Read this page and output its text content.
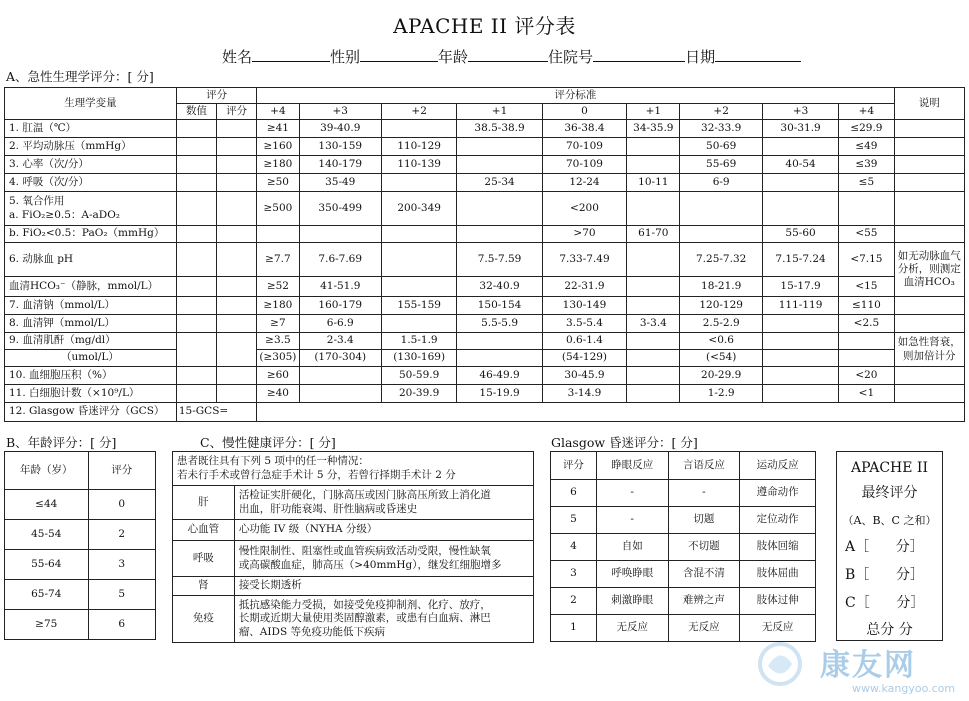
APACHE II 评分表
姓名	性别	年龄	住院号	日期
A、急性生理学评分：[ 分]
生理学变量	评分		评分标准									说明
	数值	评分	+4	+3	+2	+1	0	+1	+2	+3	+4	
1. 肛温（℃）			≥41	39-40.9		38.5-38.9	36-38.4	34-35.9	32-33.9	30-31.9	≤29.9	
2. 平均动脉压（mmHg）			≥160	130-159	110-129		70-109		50-69		≤49	
3. 心率（次/分）			≥180	140-179	110-139		70-109		55-69	40-54	≤39	
4. 呼吸（次/分）			≥50	35-49		25-34	12-24	10-11	6-9		≤5	

5. 氧合作用
a. FiO₂≥0.5：A-aDO₂			≥500	350-499	200-349		<200					
b. FiO₂<0.5：PaO₂（mmHg）							>70	61-70		55-60	<55	
6. 动脉血 pH			≥7.7	7.6-7.69		7.5-7.59	7.33-7.49		7.25-7.32	7.15-7.24	<7.15	如无动脉血气分析，则测定血清HCO₃
血清HCO₃⁻（静脉，mmol/L）			≥52	41-51.9		32-40.9	22-31.9		18-21.9	15-17.9	<15	
7. 血清钠（mmol/L）			≥180	160-179	155-159	150-154	130-149		120-129	111-119	≤110	
8. 血清钾（mmol/L）			≥7	6-6.9		5.5-5.9	3.5-5.4	3-3.4	2.5-2.9		<2.5	
9. 血清肌酐（mg/dl）			≥3.5	2-3.4	1.5-1.9		0.6-1.4		<0.6			如急性肾衰，则加倍计分
（umol/L）			(≥305)	(170-304)	(130-169)		(54-129)		(<54)			
10. 血细胞压积（%）			≥60		50-59.9	46-49.9	30-45.9		20-29.9		<20	
11. 白细胞计数（×10⁹/L）			≥40		20-39.9	15-19.9	3-14.9		1-2.9		<1	
12. Glasgow 昏迷评分（GCS）	15-GCS=											
B、年龄评分：[ 分]	C、慢性健康评分：[ 分]	Glasgow 昏迷评分：[ 分]
年龄（岁）	评分
≤44	0
45-54	2
55-64	3
65-74	5
≥75	6
患者既往具有下列 5 项中的任一种情况：
若未行手术或曾行急症手术计 5 分，若曾行择期手术计 2 分	

肝	活检证实肝硬化，门脉高压或因门脉高压所致上消化道
出血，肝功能衰竭、肝性脑病或昏迷史

心血管	心功能 IV 级（NYHA 分级）

呼吸	慢性限制性、阻塞性或血管疾病致活动受限，慢性缺氧
或高碳酸血症，肺高压（>40mmHg），继发红细胞增多

肾	接受长期透析

免疫	抵抗感染能力受损，如接受免疫抑制剂、化疗、放疗，
长期或近期大量使用类固醇激素，或患有白血病、淋巴
瘤、AIDS 等免疫功能低下疾病
评分	睁眼反应	言语反应	运动反应
6	-	-	遵命动作
5	-	切题	定位动作
4	自如	不切题	肢体回缩
3	呼唤睁眼	含混不清	肢体屈曲
2	刺激睁眼	难辨之声	肢体过伸
1	无反应	无反应	无反应
APACHE II
最终评分
（A、B、C 之和）
A［      分］
B［      分］
C［      分］
总分 分
康友网
www.kangyoo.com
